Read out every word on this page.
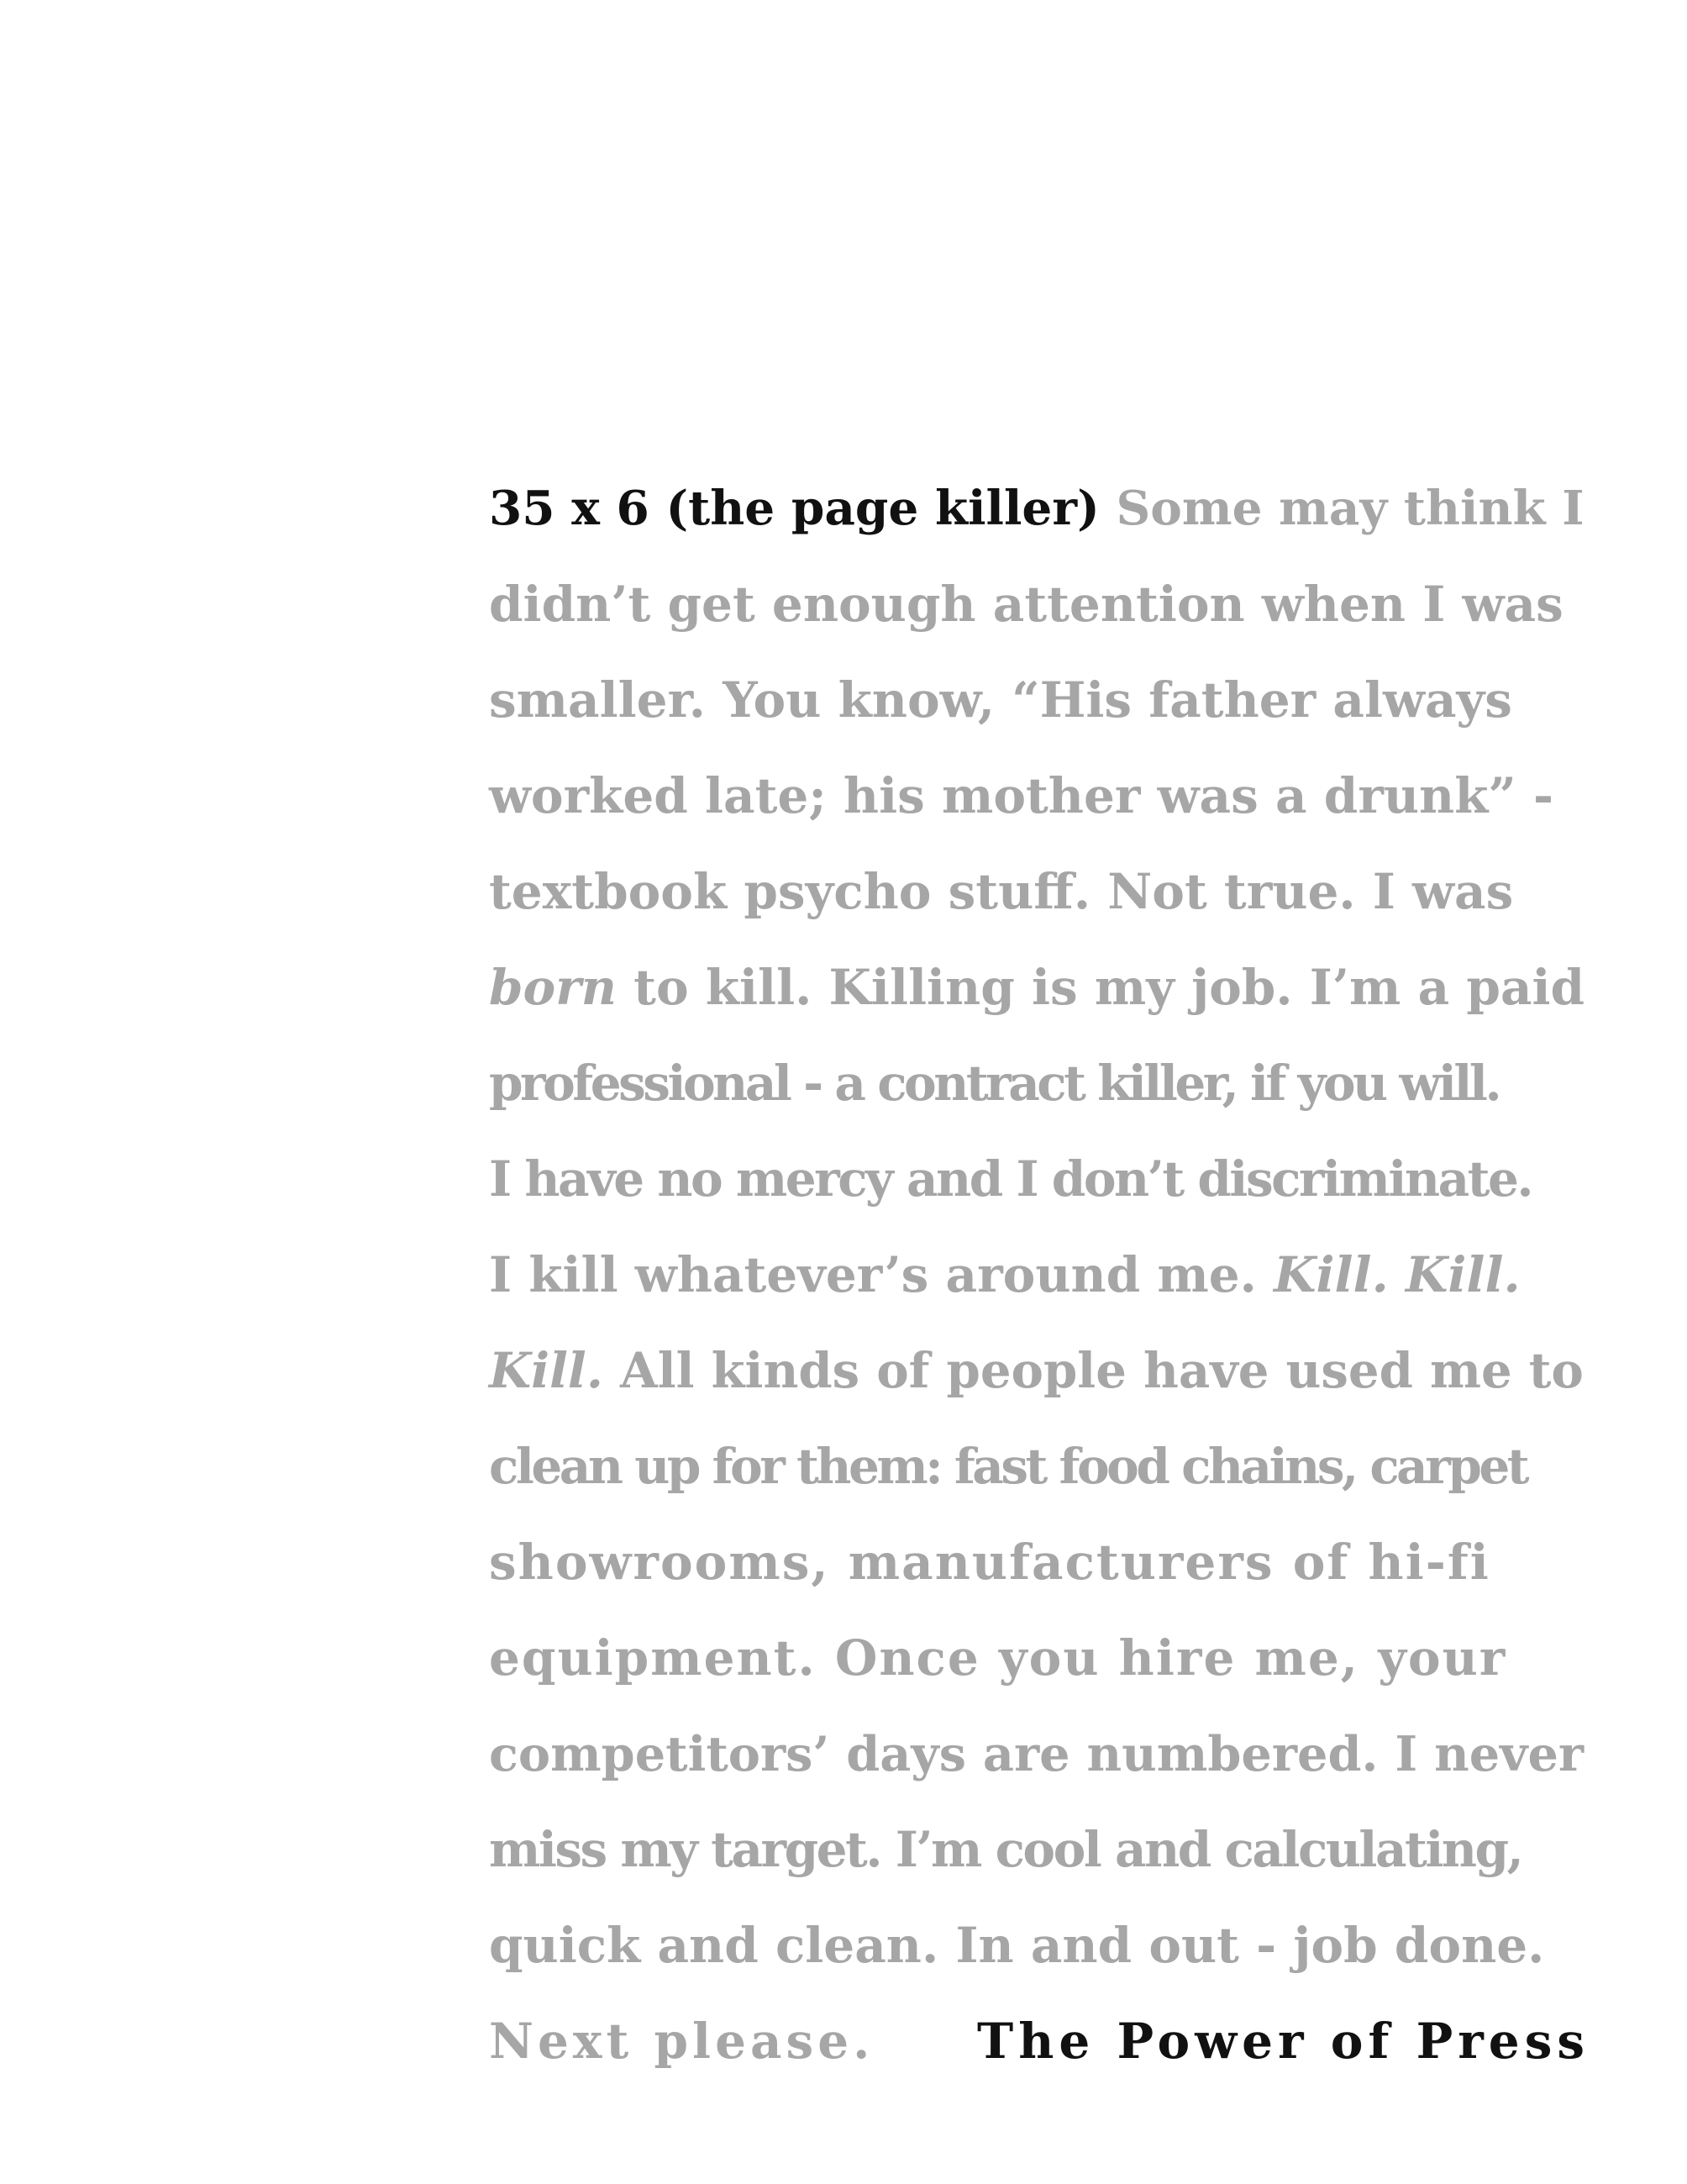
35 x 6 (the page killer) Some may think I
didn’t get enough attention when I was
smaller. You know, “His father always
worked late; his mother was a drunk” -
textbook psycho stuff. Not true. I was
born to kill. Killing is my job. I’m a paid
professional - a contract killer, if you will.
I have no mercy and I don’t discriminate.
I kill whatever’s around me. Kill. Kill.
Kill. All kinds of people have used me to
clean up for them: fast food chains, carpet
showrooms, manufacturers of hi-fi
equipment. Once you hire me, your
competitors’ days are numbered. I never
miss my target. I’m cool and calculating,
quick and clean. In and out - job done.
Next please. The Power of Press
